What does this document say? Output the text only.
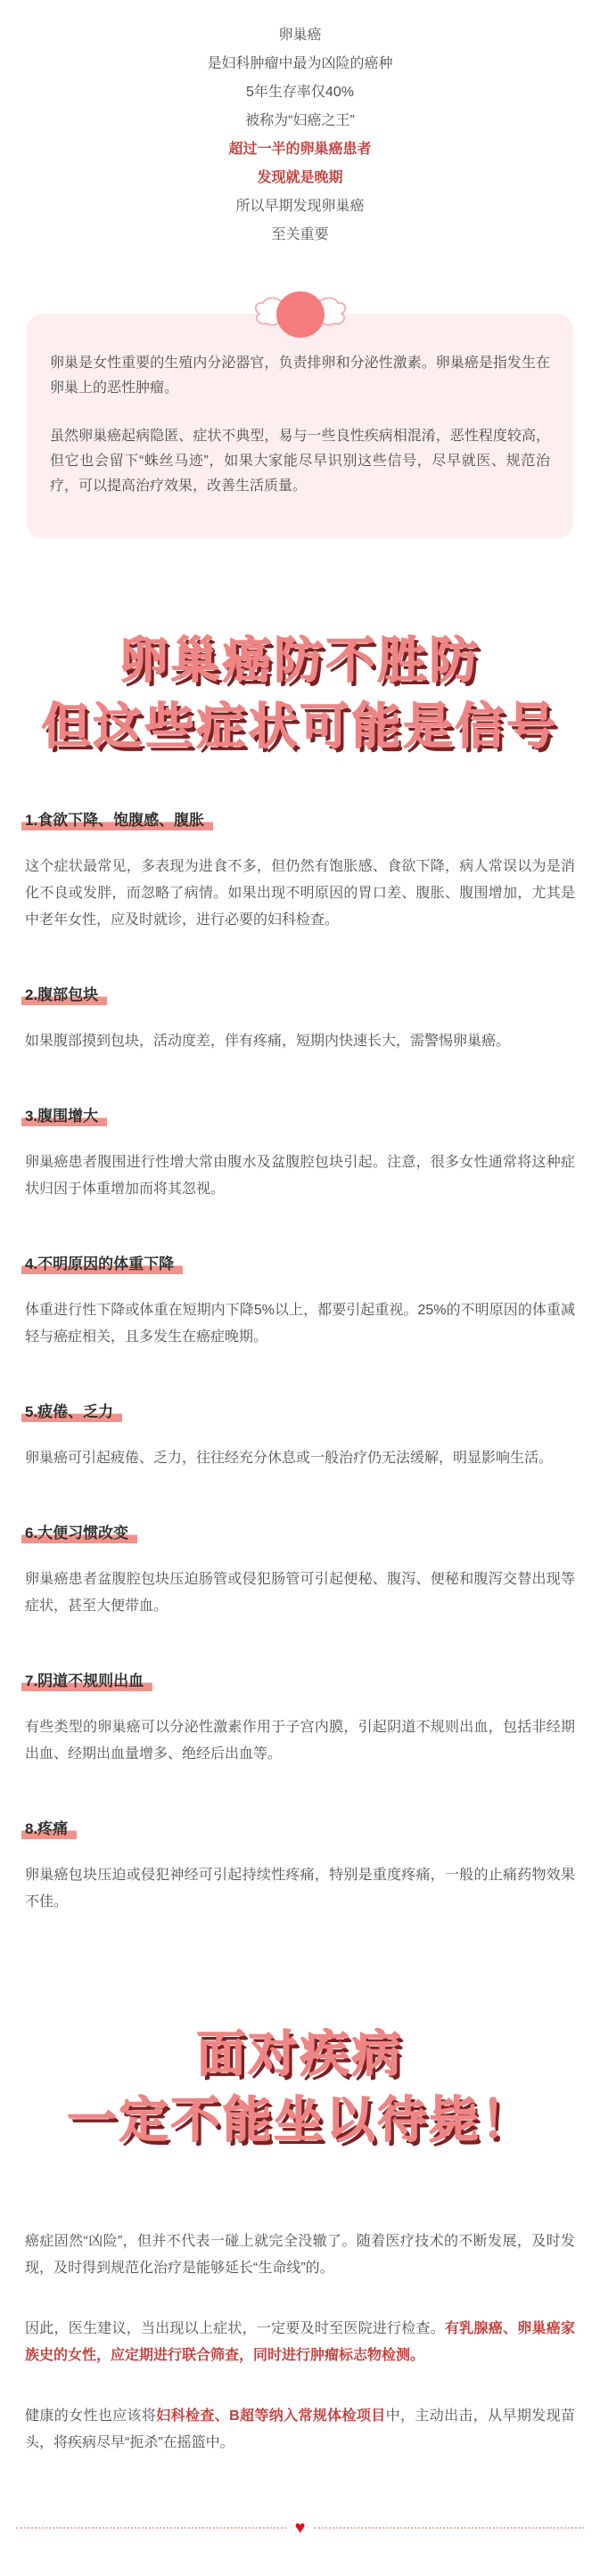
卵巢癌
是妇科肿瘤中最为凶险的癌种
5年生存率仅40%
被称为“妇癌之王”
超过一半的卵巢癌患者
发现就是晚期
所以早期发现卵巢癌
至关重要

卵巢是女性重要的生殖内分泌器官，负责排卵和分泌性激素。卵巢癌是指发生在卵巢上的恶性肿瘤。

虽然卵巢癌起病隐匿、症状不典型，易与一些良性疾病相混淆，恶性程度较高，但它也会留下“蛛丝马迹”，如果大家能尽早识别这些信号，尽早就医、规范治疗，可以提高治疗效果，改善生活质量。

卵巢癌防不胜防
但这些症状可能是信号
1.食欲下降、饱腹感、腹胀

这个症状最常见，多表现为进食不多，但仍然有饱胀感、食欲下降，病人常误以为是消化不良或发胖，而忽略了病情。如果出现不明原因的胃口差、腹胀、腹围增加，尤其是中老年女性，应及时就诊，进行必要的妇科检查。

2.腹部包块

如果腹部摸到包块，活动度差，伴有疼痛，短期内快速长大，需警惕卵巢癌。

3.腹围增大

卵巢癌患者腹围进行性增大常由腹水及盆腹腔包块引起。注意，很多女性通常将这种症状归因于体重增加而将其忽视。

4.不明原因的体重下降

体重进行性下降或体重在短期内下降5%以上，都要引起重视。25%的不明原因的体重减轻与癌症相关，且多发生在癌症晚期。

5.疲倦、乏力

卵巢癌可引起疲倦、乏力，往往经充分休息或一般治疗仍无法缓解，明显影响生活。

6.大便习惯改变

卵巢癌患者盆腹腔包块压迫肠管或侵犯肠管可引起便秘、腹泻、便秘和腹泻交替出现等症状，甚至大便带血。

7.阴道不规则出血

有些类型的卵巢癌可以分泌性激素作用于子宫内膜，引起阴道不规则出血，包括非经期出血、经期出血量增多、绝经后出血等。

8.疼痛

卵巢癌包块压迫或侵犯神经可引起持续性疼痛，特别是重度疼痛，一般的止痛药物效果不佳。

面对疾病
一定不能坐以待毙！

癌症固然“凶险”，但并不代表一碰上就完全没辙了。随着医疗技术的不断发展，及时发现，及时得到规范化治疗是能够延长“生命线”的。

因此，医生建议，当出现以上症状，一定要及时至医院进行检查。有乳腺癌、卵巢癌家族史的女性，应定期进行联合筛查，同时进行肿瘤标志物检测。

健康的女性也应该将妇科检查、B超等纳入常规体检项目中，主动出击，从早期发现苗头，将疾病尽早“扼杀”在摇篮中。

♥
